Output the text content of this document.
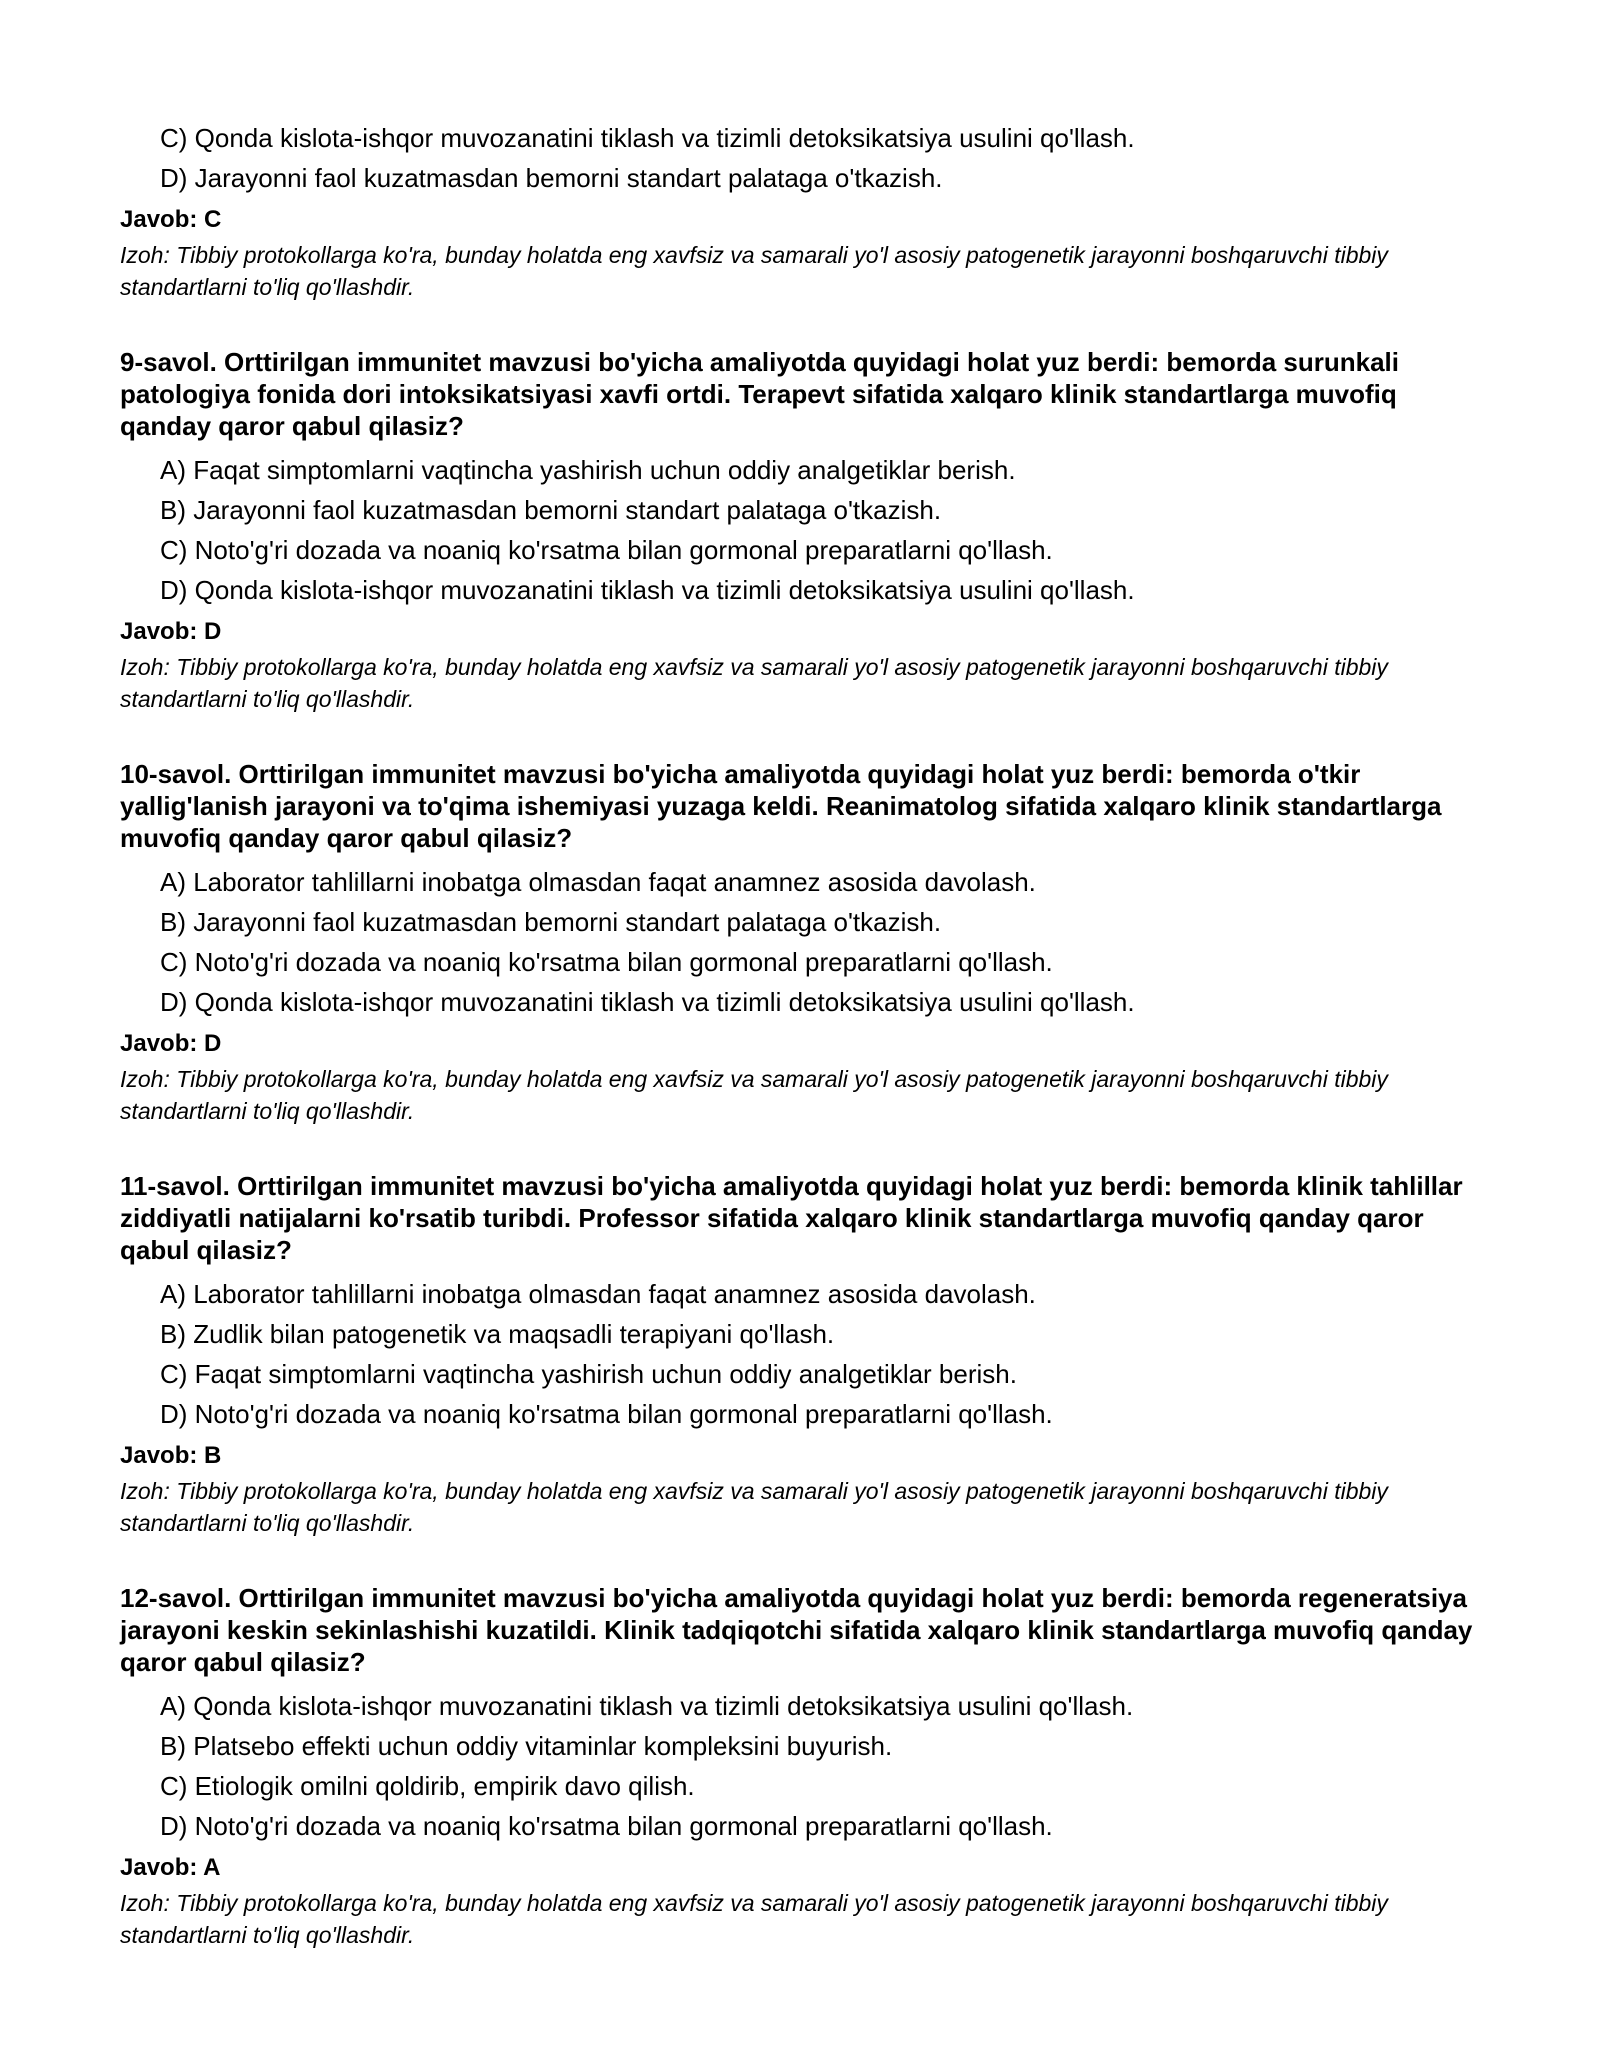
C) Qonda kislota-ishqor muvozanatini tiklash va tizimli detoksikatsiya usulini qo'llash.
D) Jarayonni faol kuzatmasdan bemorni standart palataga o'tkazish.
Javob: C
Izoh: Tibbiy protokollarga ko'ra, bunday holatda eng xavfsiz va samarali yo'l asosiy patogenetik jarayonni boshqaruvchi tibbiy standartlarni to'liq qo'llashdir.
9-savol. Orttirilgan immunitet mavzusi bo'yicha amaliyotda quyidagi holat yuz berdi: bemorda surunkali patologiya fonida dori intoksikatsiyasi xavfi ortdi. Terapevt sifatida xalqaro klinik standartlarga muvofiq qanday qaror qabul qilasiz?
A) Faqat simptomlarni vaqtincha yashirish uchun oddiy analgetiklar berish.
B) Jarayonni faol kuzatmasdan bemorni standart palataga o'tkazish.
C) Noto'g'ri dozada va noaniq ko'rsatma bilan gormonal preparatlarni qo'llash.
D) Qonda kislota-ishqor muvozanatini tiklash va tizimli detoksikatsiya usulini qo'llash.
Javob: D
Izoh: Tibbiy protokollarga ko'ra, bunday holatda eng xavfsiz va samarali yo'l asosiy patogenetik jarayonni boshqaruvchi tibbiy standartlarni to'liq qo'llashdir.
10-savol. Orttirilgan immunitet mavzusi bo'yicha amaliyotda quyidagi holat yuz berdi: bemorda o'tkir yallig'lanish jarayoni va to'qima ishemiyasi yuzaga keldi. Reanimatolog sifatida xalqaro klinik standartlarga muvofiq qanday qaror qabul qilasiz?
A) Laborator tahlillarni inobatga olmasdan faqat anamnez asosida davolash.
B) Jarayonni faol kuzatmasdan bemorni standart palataga o'tkazish.
C) Noto'g'ri dozada va noaniq ko'rsatma bilan gormonal preparatlarni qo'llash.
D) Qonda kislota-ishqor muvozanatini tiklash va tizimli detoksikatsiya usulini qo'llash.
Javob: D
Izoh: Tibbiy protokollarga ko'ra, bunday holatda eng xavfsiz va samarali yo'l asosiy patogenetik jarayonni boshqaruvchi tibbiy standartlarni to'liq qo'llashdir.
11-savol. Orttirilgan immunitet mavzusi bo'yicha amaliyotda quyidagi holat yuz berdi: bemorda klinik tahlillar ziddiyatli natijalarni ko'rsatib turibdi. Professor sifatida xalqaro klinik standartlarga muvofiq qanday qaror qabul qilasiz?
A) Laborator tahlillarni inobatga olmasdan faqat anamnez asosida davolash.
B) Zudlik bilan patogenetik va maqsadli terapiyani qo'llash.
C) Faqat simptomlarni vaqtincha yashirish uchun oddiy analgetiklar berish.
D) Noto'g'ri dozada va noaniq ko'rsatma bilan gormonal preparatlarni qo'llash.
Javob: B
Izoh: Tibbiy protokollarga ko'ra, bunday holatda eng xavfsiz va samarali yo'l asosiy patogenetik jarayonni boshqaruvchi tibbiy standartlarni to'liq qo'llashdir.
12-savol. Orttirilgan immunitet mavzusi bo'yicha amaliyotda quyidagi holat yuz berdi: bemorda regeneratsiya jarayoni keskin sekinlashishi kuzatildi. Klinik tadqiqotchi sifatida xalqaro klinik standartlarga muvofiq qanday qaror qabul qilasiz?
A) Qonda kislota-ishqor muvozanatini tiklash va tizimli detoksikatsiya usulini qo'llash.
B) Platsebo effekti uchun oddiy vitaminlar kompleksini buyurish.
C) Etiologik omilni qoldirib, empirik davo qilish.
D) Noto'g'ri dozada va noaniq ko'rsatma bilan gormonal preparatlarni qo'llash.
Javob: A
Izoh: Tibbiy protokollarga ko'ra, bunday holatda eng xavfsiz va samarali yo'l asosiy patogenetik jarayonni boshqaruvchi tibbiy standartlarni to'liq qo'llashdir.
